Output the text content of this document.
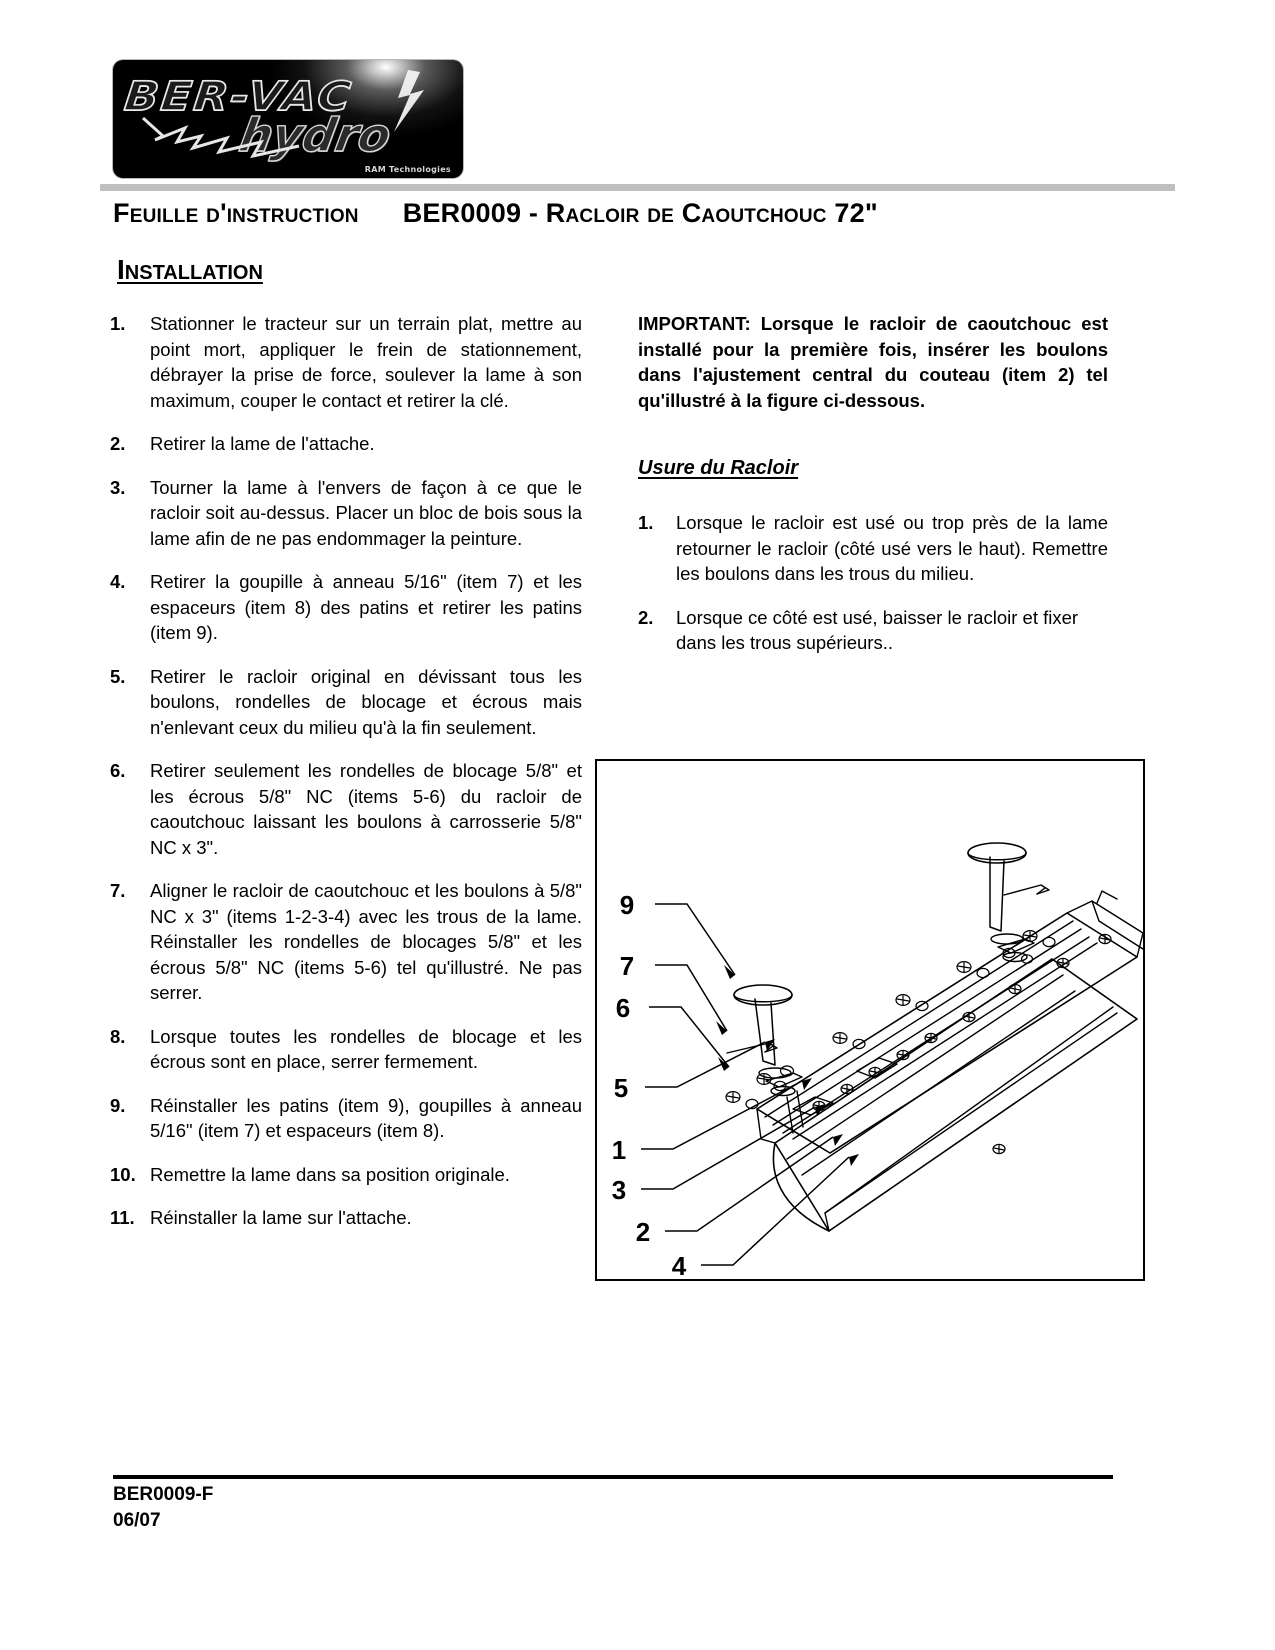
BER-VAC
hydro
RAM Technologies
Feuille d'instruction BER0009 - Racloir de Caoutchouc 72"
Installation
1.	Stationner le tracteur sur un terrain plat, mettre au point mort, appliquer le frein de stationnement, débrayer la prise de force, soulever la lame à son maximum, couper le contact et retirer la clé.
2.	Retirer la lame de l'attache.
3.	Tourner la lame à l'envers de façon à ce que le racloir soit au-dessus. Placer un bloc de bois sous la lame afin de ne pas endommager la peinture.
4.	Retirer la goupille à anneau 5/16" (item 7) et les espaceurs (item 8) des patins et retirer les patins (item 9).
5.	Retirer le racloir original en dévissant tous les boulons, rondelles de blocage et écrous mais n'enlevant ceux du milieu qu'à la fin seulement.
6.	Retirer seulement les rondelles de blocage 5/8" et les écrous 5/8" NC (items 5-6) du racloir de caoutchouc laissant les boulons à carrosserie 5/8" NC x 3".
7.	Aligner le racloir de caoutchouc et les boulons à 5/8" NC x 3" (items 1-2-3-4) avec les trous de la lame. Réinstaller les rondelles de blocages 5/8" et les écrous 5/8" NC (items 5-6) tel qu'illustré. Ne pas serrer.
8.	Lorsque toutes les rondelles de blocage et les écrous sont en place, serrer fermement.
9.	Réinstaller les patins (item 9), goupilles à anneau 5/16" (item 7) et espaceurs (item 8).
10. Remettre la lame dans sa position originale.
11. Réinstaller la lame sur l'attache.
IMPORTANT: Lorsque le racloir de caoutchouc est installé pour la première fois, insérer les boulons dans l'ajustement central du couteau (item 2) tel qu'illustré à la figure ci-dessous.
Usure du Racloir
1.	Lorsque le racloir est usé ou trop près de la lame retourner le racloir (côté usé vers le haut). Remettre les boulons dans les trous du milieu.
2.	Lorsque ce côté est usé, baisser le racloir et fixer dans les trous supérieurs..
9
7
6
5
1
3
2
4
BER0009-F
06/07
